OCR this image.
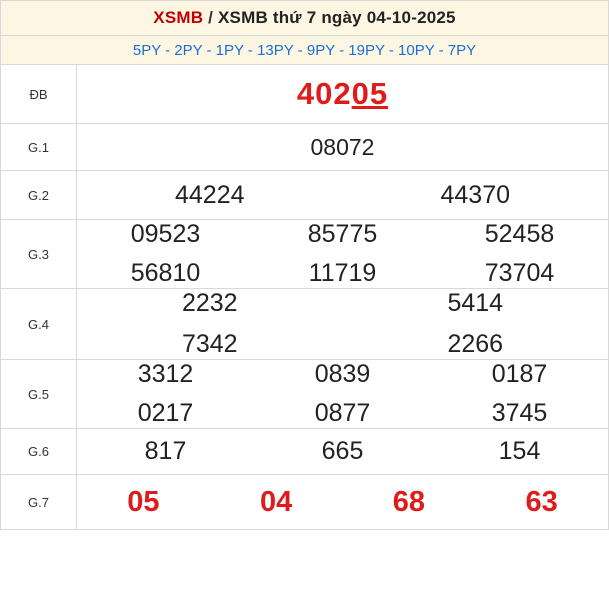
XSMB / XSMB thứ 7 ngày 04-10-2025	
5PY - 2PY - 1PY - 13PY - 9PY - 19PY - 10PY - 7PY	
ĐB	40205
G.1	08072
G.2	44224 44370

G.3	
09523	85775	52458
56810	11719	73704

G.4	2232 5414
7342 2266

G.5	
3312	0839	0187
0217	0877	3745

G.6	817 665 154

G.7	05 04 68 63
